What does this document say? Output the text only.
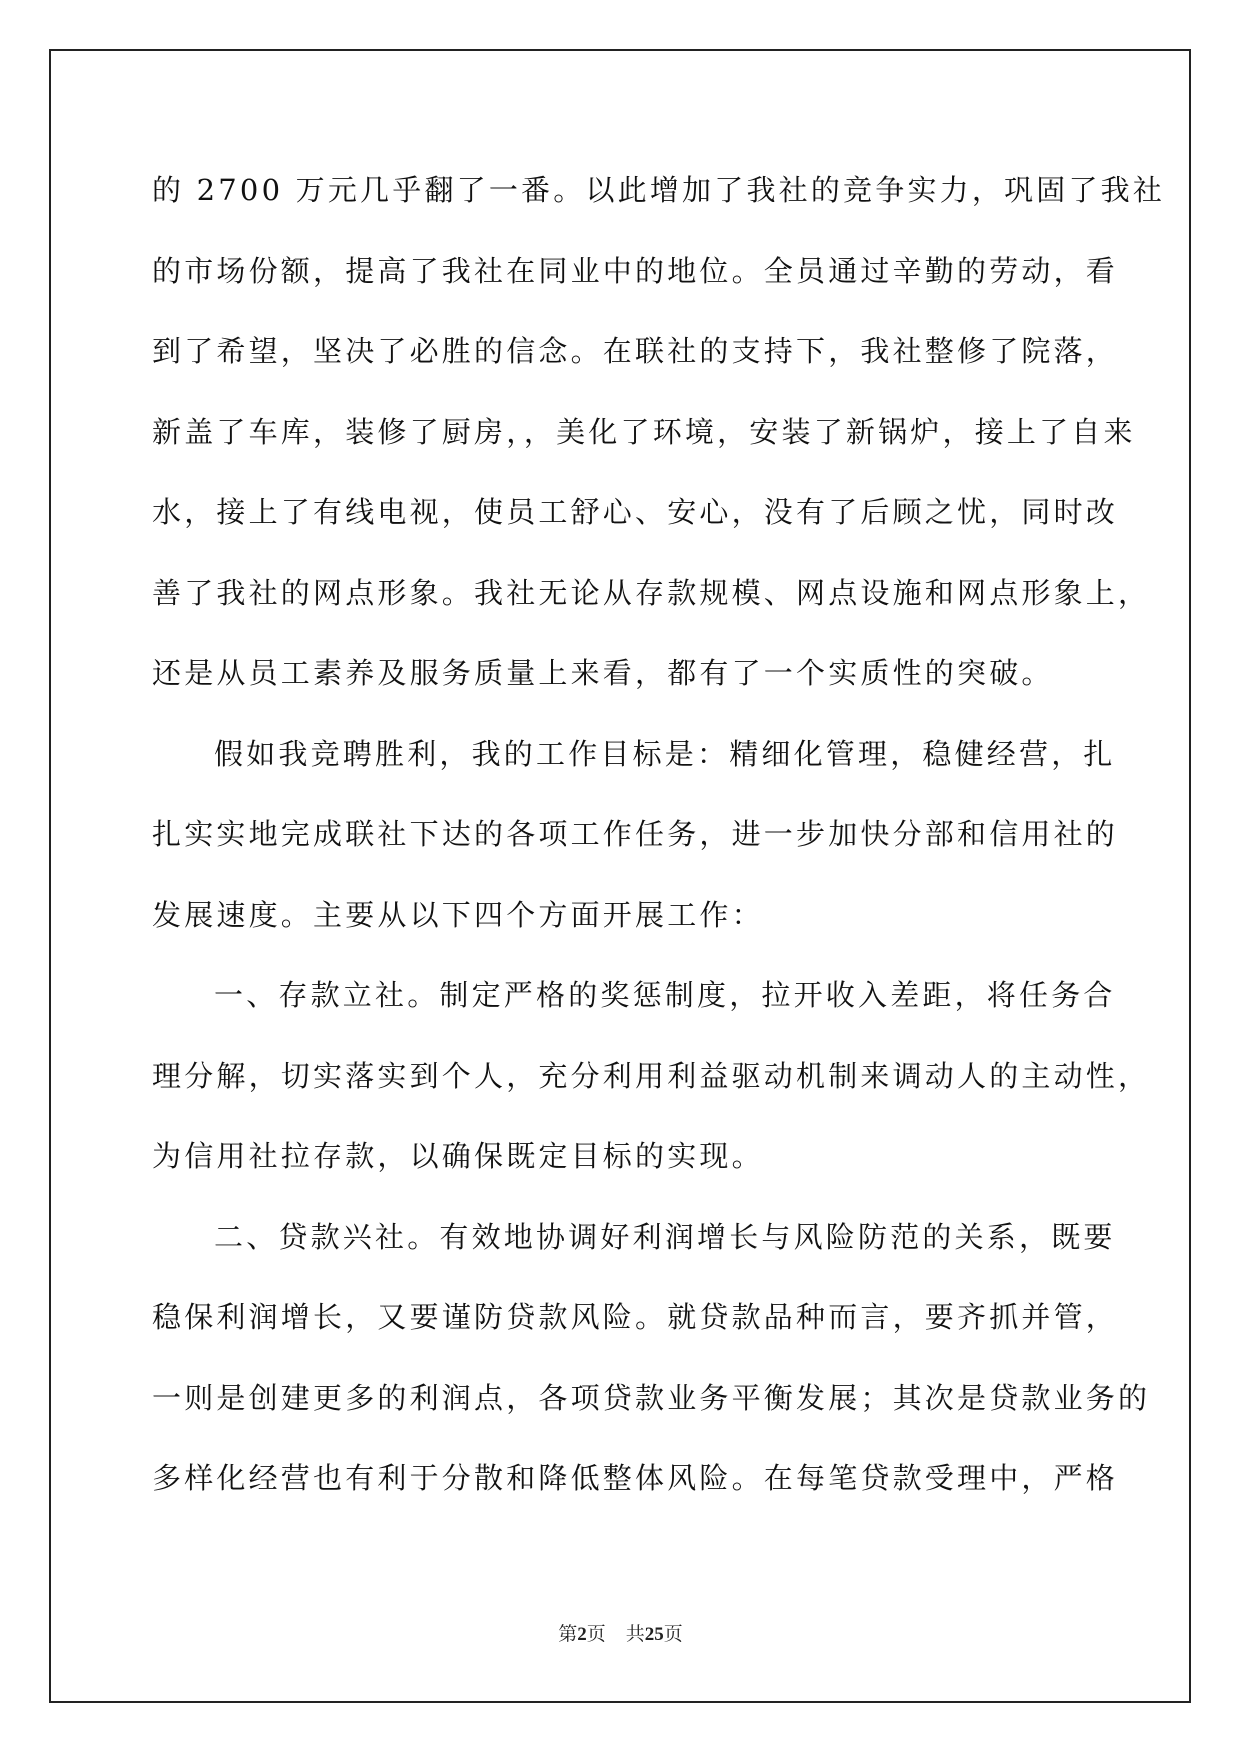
的 2700 万元几乎翻了一番。以此增加了我社的竞争实力，巩固了我社
的市场份额，提高了我社在同业中的地位。全员通过辛勤的劳动，看
到了希望，坚决了必胜的信念。在联社的支持下，我社整修了院落，
新盖了车库，装修了厨房，，美化了环境，安装了新锅炉，接上了自来
水，接上了有线电视，使员工舒心、安心，没有了后顾之忧，同时改
善了我社的网点形象。我社无论从存款规模、网点设施和网点形象上，
还是从员工素养及服务质量上来看，都有了一个实质性的突破。
假如我竞聘胜利，我的工作目标是：精细化管理，稳健经营，扎
扎实实地完成联社下达的各项工作任务，进一步加快分部和信用社的
发展速度。主要从以下四个方面开展工作：
一、存款立社。制定严格的奖惩制度，拉开收入差距，将任务合
理分解，切实落实到个人，充分利用利益驱动机制来调动人的主动性，
为信用社拉存款，以确保既定目标的实现。
二、贷款兴社。有效地协调好利润增长与风险防范的关系，既要
稳保利润增长，又要谨防贷款风险。就贷款品种而言，要齐抓并管，
一则是创建更多的利润点，各项贷款业务平衡发展；其次是贷款业务的
多样化经营也有利于分散和降低整体风险。在每笔贷款受理中，严格
第2页 共25页
